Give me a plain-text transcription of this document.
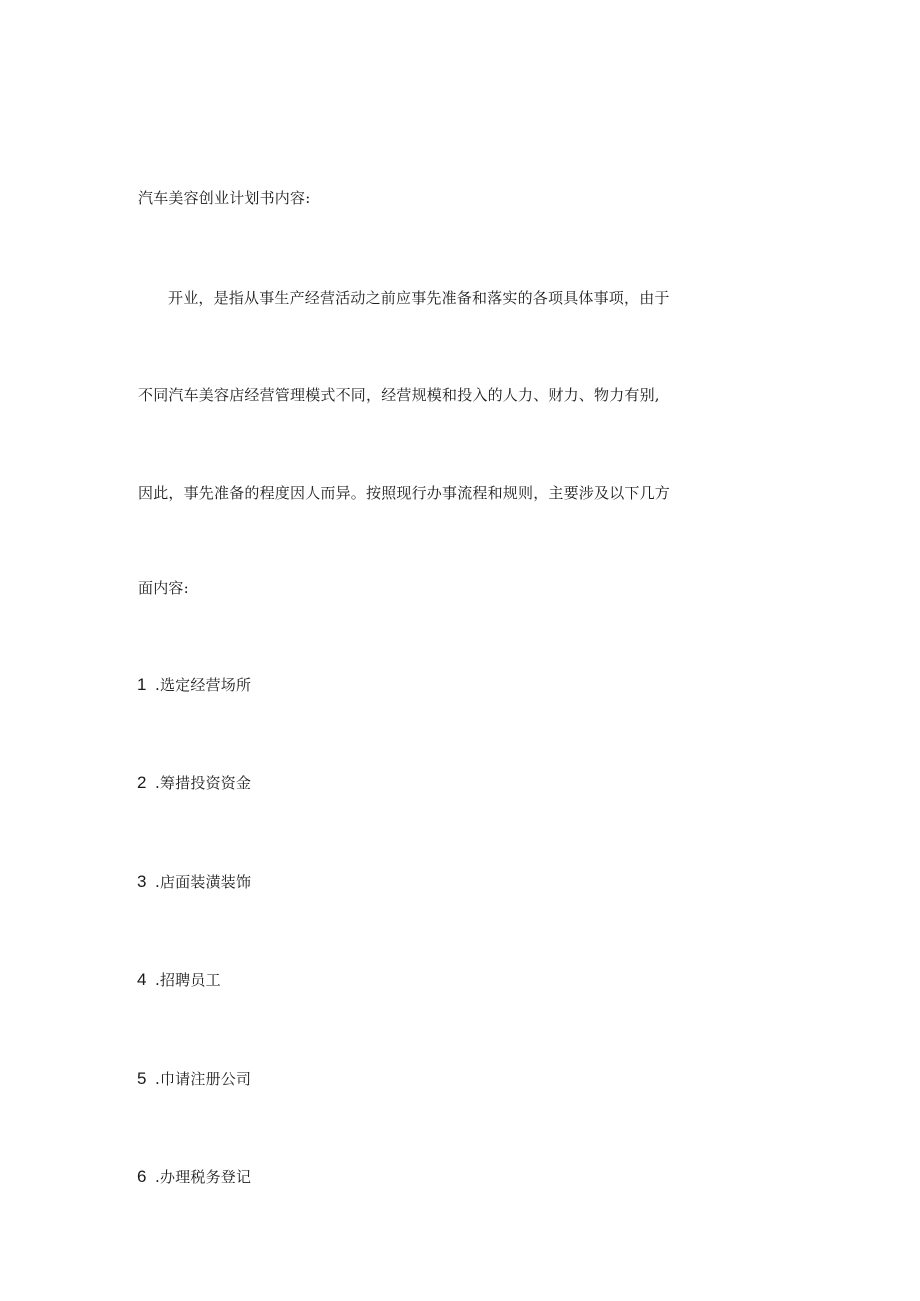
汽车美容创业计划书内容:
开业，是指从事生产经营活动之前应事先准备和落实的各项具体事项，由于
不同汽车美容店经营管理模式不同，经营规模和投入的人力、财力、物力有别,
因此，事先准备的程度因人而异。按照现行办事流程和规则，主要涉及以下几方
面内容:
1 .选定经营场所
2 .筹措投资资金
3 .店面装潢装饰
4 .招聘员工
5 .巾请注册公司
6 .办理税务登记
